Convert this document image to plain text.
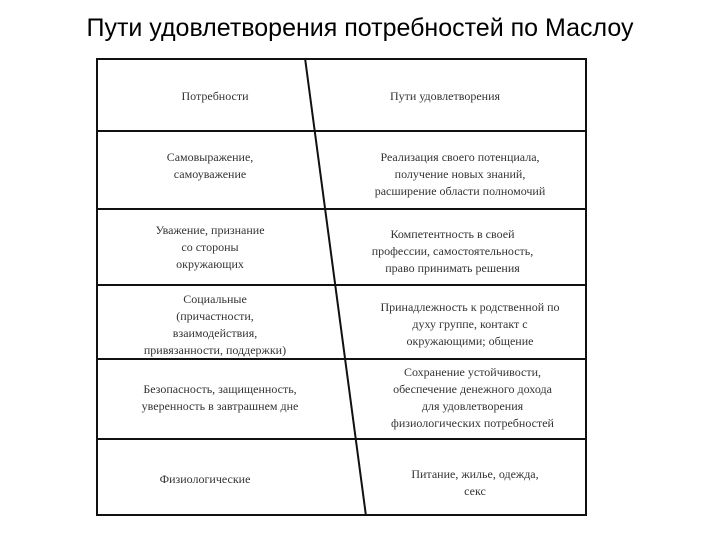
Пути удовлетворения потребностей по Маслоу
Потребности	Пути удовлетворения
Самовыражение,
самоуважение
Реализация своего потенциала,
получение новых знаний,
расширение области полномочий
Уважение, признание
со стороны
окружающих
Компетентность в своей
профессии, самостоятельность,
право принимать решения
Социальные
(причастности,
взаимодействия,
привязанности, поддержки)
Принадлежность к родственной по
духу группе, контакт с
окружающими; общение
Безопасность, защищенность,
уверенность в завтрашнем дне
Сохранение устойчивости,
обеспечение денежного дохода
для удовлетворения
физиологических потребностей
Физиологические	Питание, жилье, одежда,
секс
